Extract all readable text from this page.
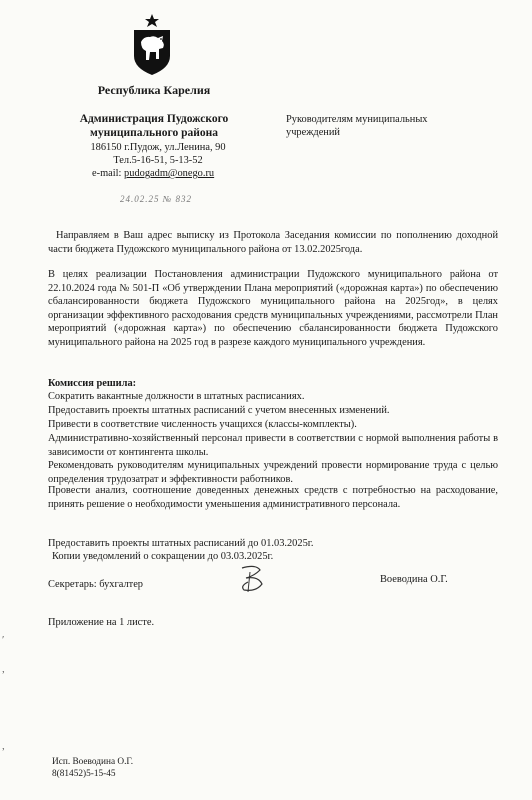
Республика Карелия
Администрация Пудожского
муниципального района
186150 г.Пудож, ул.Ленина, 90
Тел.5-16-51, 5-13-52
e-mail: pudogadm@onego.ru
24.02.25 № 832
Руководителям муниципальных
учреждений
Направляем в Ваш адрес выписку из Протокола Заседания комиссии по пополнению доходной части бюджета Пудожского муниципального района от 13.02.2025года.
В целях реализации Постановления администрации Пудожского муниципального района от 22.10.2024 года № 501-П «Об утверждении Плана мероприятий («дорожная карта») по обеспечению сбалансированности бюджета Пудожского муниципального района на 2025год», в целях организации эффективного расходования средств муниципальных учреждениями, рассмотрели План мероприятий («дорожная карта») по обеспечению сбалансированности бюджета Пудожского муниципального района на 2025 год в разрезе каждого муниципального учреждения.
Комиссия решила:
Сократить вакантные должности в штатных расписаниях.
Предоставить проекты штатных расписаний с учетом внесенных изменений.
Привести в соответствие численность учащихся (классы-комплекты).
Административно-хозяйственный персонал привести в соответствии с нормой выполнения работы в зависимости от контингента школы.
Рекомендовать руководителям муниципальных учреждений провести нормирование труда с целью определения трудозатрат и эффективности работников.
Провести анализ, соотношение доведенных денежных средств с потребностью на расходование, принять решение о необходимости уменьшения административного персонала.
Предоставить проекты штатных расписаний до 01.03.2025г.
Копии уведомлений о сокращении до 03.03.2025г.
Секретарь: бухгалтер	Воеводина О.Г.
Приложение на 1 листе.
′
,
,
Исп. Воеводина О.Г.
8(81452)5-15-45
